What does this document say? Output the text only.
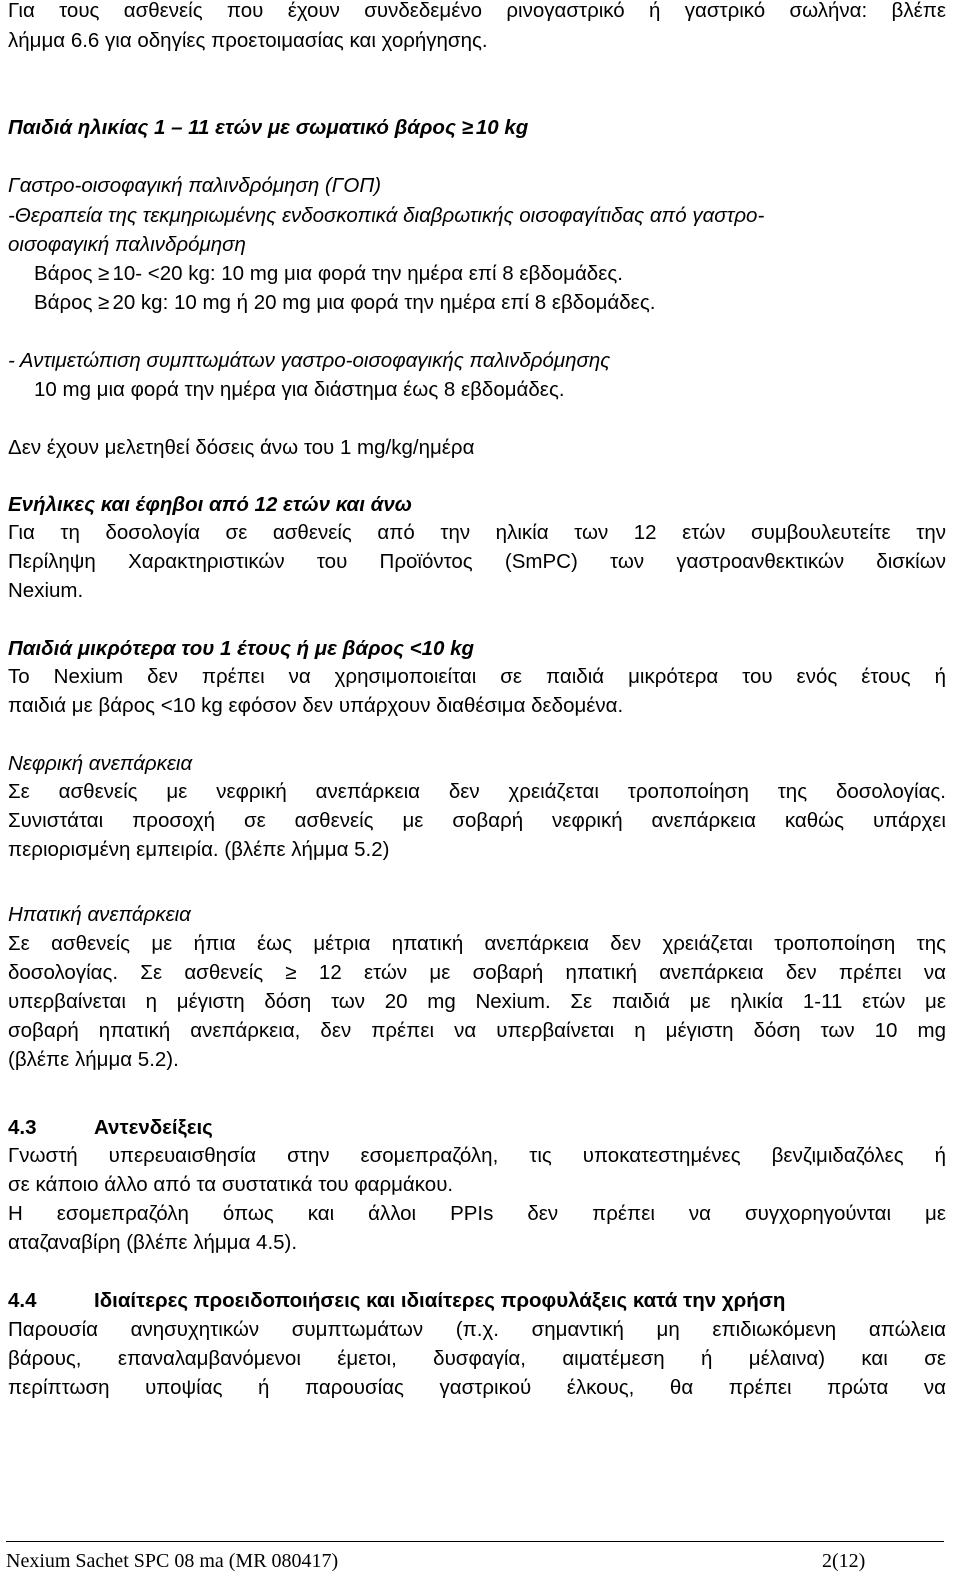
Για τους ασθενείς που έχουν συνδεδεμένο ρινογαστρικό ή γαστρικό σωλήνα: βλέπε
λήμμα 6.6 για οδηγίες προετοιμασίας και χορήγησης.
Παιδιά ηλικίας 1 – 11 ετών με σωματικό βάρος ≥ 10 kg
Γαστρο-οισοφαγική παλινδρόμηση (ΓΟΠ)
-Θεραπεία της τεκμηριωμένης ενδοσκοπικά διαβρωτικής οισοφαγίτιδας από γαστρο-
οισοφαγική παλινδρόμηση
Βάρος ≥ 10- <20 kg: 10 mg μια φορά την ημέρα επί 8 εβδομάδες.
Βάρος ≥ 20 kg: 10 mg ή 20 mg μια φορά την ημέρα επί 8 εβδομάδες.
- Αντιμετώπιση συμπτωμάτων γαστρο-οισοφαγικής παλινδρόμησης
10 mg μια φορά την ημέρα για διάστημα έως 8 εβδομάδες.
Δεν έχουν μελετηθεί δόσεις άνω του 1 mg/kg/ημέρα
Ενήλικες και έφηβοι από 12 ετών και άνω
Για τη δοσολογία σε ασθενείς από την ηλικία των 12 ετών συμβουλευτείτε την
Περίληψη Χαρακτηριστικών του Προϊόντος (SmPC) των γαστροανθεκτικών δισκίων
Nexium.
Παιδιά μικρότερα του 1 έτους ή με βάρος <10 kg
Το Nexium δεν πρέπει να χρησιμοποιείται σε παιδιά μικρότερα του ενός έτους ή
παιδιά με βάρος <10 kg εφόσον δεν υπάρχουν διαθέσιμα δεδομένα.
Νεφρική ανεπάρκεια
Σε ασθενείς με νεφρική ανεπάρκεια δεν χρειάζεται τροποποίηση της δοσολογίας.
Συνιστάται προσοχή σε ασθενείς με σοβαρή νεφρική ανεπάρκεια καθώς υπάρχει
περιορισμένη εμπειρία. (βλέπε λήμμα 5.2)
Ηπατική ανεπάρκεια
Σε ασθενείς με ήπια έως μέτρια ηπατική ανεπάρκεια δεν χρειάζεται τροποποίηση της
δοσολογίας. Σε ασθενείς ≥ 12 ετών με σοβαρή ηπατική ανεπάρκεια δεν πρέπει να
υπερβαίνεται η μέγιστη δόση των 20 mg Nexium. Σε παιδιά με ηλικία 1-11 ετών με
σοβαρή ηπατική ανεπάρκεια, δεν πρέπει να υπερβαίνεται η μέγιστη δόση των 10 mg
(βλέπε λήμμα 5.2).
4.3	Αντενδείξεις
Γνωστή υπερευαισθησία στην εσομεπραζόλη, τις υποκατεστημένες βενζιμιδαζόλες ή
σε κάποιο άλλο από τα συστατικά του φαρμάκου.
Η εσομεπραζόλη όπως και άλλοι PPIs δεν πρέπει να συγχορηγούνται με
αταζαναβίρη (βλέπε λήμμα 4.5).
4.4	Ιδιαίτερες προειδοποιήσεις και ιδιαίτερες προφυλάξεις κατά την χρήση
Παρουσία ανησυχητικών συμπτωμάτων (π.χ. σημαντική μη επιδιωκόμενη απώλεια
βάρους, επαναλαμβανόμενοι έμετοι, δυσφαγία, αιματέμεση ή μέλαινα) και σε
περίπτωση υποψίας ή παρουσίας γαστρικού έλκους, θα πρέπει πρώτα να
Nexium Sachet SPC 08 ma (MR 080417)	2(12)
